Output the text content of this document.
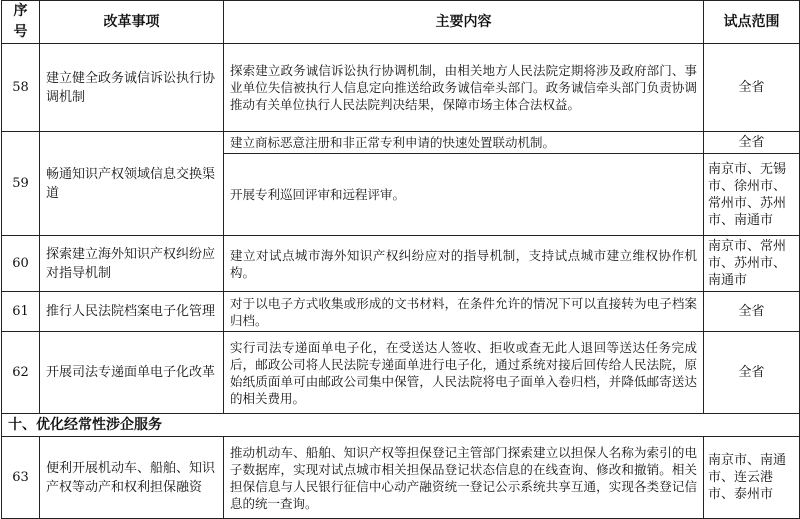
序号	改革事项	主要内容	试点范围
58	建立健全政务诚信诉讼执行协调机制	探索建立政务诚信诉讼执行协调机制，由相关地方人民法院定期将涉及政府部门、事业单位失信被执行人信息定向推送给政务诚信牵头部门。政务诚信牵头部门负责协调推动有关单位执行人民法院判决结果，保障市场主体合法权益。	全省
59	畅通知识产权领域信息交换渠道	建立商标恶意注册和非正常专利申请的快速处置联动机制。	全省
		开展专利巡回评审和远程评审。	南京市、无锡市、徐州市、常州市、苏州市、南通市
60	探索建立海外知识产权纠纷应对指导机制	建立对试点城市海外知识产权纠纷应对的指导机制，支持试点城市建立维权协作机构。	南京市、常州市、苏州市、南通市
61	推行人民法院档案电子化管理	对于以电子方式收集或形成的文书材料，在条件允许的情况下可以直接转为电子档案归档。	全省
62	开展司法专递面单电子化改革	实行司法专递面单电子化，在受送达人签收、拒收或查无此人退回等送达任务完成后，邮政公司将人民法院专递面单进行电子化，通过系统对接后回传给人民法院，原始纸质面单可由邮政公司集中保管，人民法院将电子面单入卷归档，并降低邮寄送达的相关费用。	全省
十、优化经常性涉企服务			
63	便利开展机动车、船舶、知识产权等动产和权利担保融资	推动机动车、船舶、知识产权等担保登记主管部门探索建立以担保人名称为索引的电子数据库，实现对试点城市相关担保品登记状态信息的在线查询、修改和撤销。相关担保信息与人民银行征信中心动产融资统一登记公示系统共享互通，实现各类登记信息的统一查询。	南京市、南通市、连云港市、泰州市
